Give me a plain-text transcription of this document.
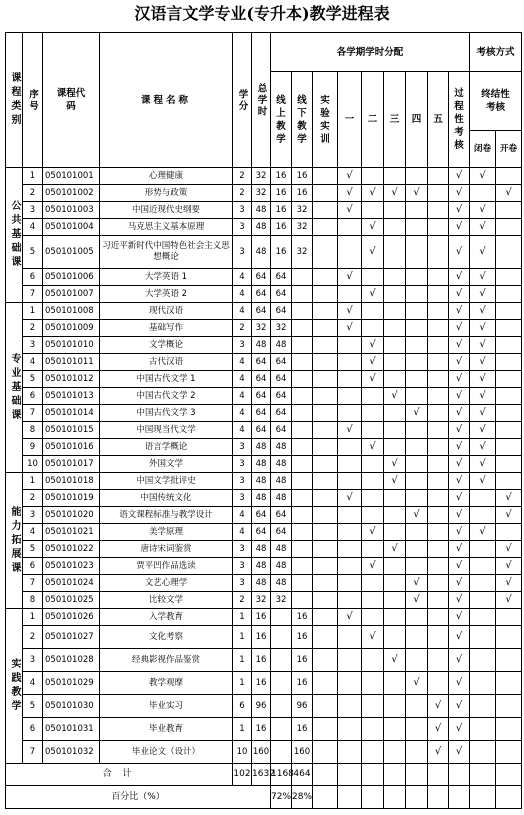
汉语言文学专业(专升本)教学进程表
课程类别	序号	课程代码	课程名称	学分	总学时	各学期学时分配									考核方式	
						线上教学	线下教学	实验实训	一	二	三	四	五	过程性考核	终结性考核	
															闭卷	开卷
公共基础课	1	050101001	心理健康	2	32	16	16		√					√	√	
	2	050101002	形势与政策	2	32	16	16		√	√	√	√		√		√
	3	050101003	中国近现代史纲要	3	48	16	32		√					√	√	
	4	050101004	马克思主义基本原理	3	48	16	32			√				√	√	
	5	050101005	习近平新时代中国特色社会主义思想概论	3	48	16	32			√				√	√	
	6	050101006	大学英语 1	4	64	64			√					√	√	
	7	050101007	大学英语 2	4	64	64				√				√	√	
专业基础课	1	050101008	现代汉语	4	64	64			√					√	√	
	2	050101009	基础写作	2	32	32			√					√	√	
	3	050101010	文学概论	3	48	48				√				√	√	
	4	050101011	古代汉语	4	64	64				√				√	√	
	5	050101012	中国古代文学 1	4	64	64				√				√	√	
	6	050101013	中国古代文学 2	4	64	64					√			√	√	
	7	050101014	中国古代文学 3	4	64	64						√		√	√	
	8	050101015	中国现当代文学	4	64	64			√					√	√	
	9	050101016	语言学概论	3	48	48				√				√	√	
	10	050101017	外国文学	3	48	48					√			√	√	
能力拓展课	1	050101018	中国文学批评史	3	48	48					√			√	√	
	2	050101019	中国传统文化	3	48	48			√					√		√
	3	050101020	语文课程标准与教学设计	4	64	64						√		√		√
	4	050101021	美学原理	4	64	64				√				√	√	
	5	050101022	唐诗宋词鉴赏	3	48	48					√			√		√
	6	050101023	贾平凹作品选读	3	48	48				√				√		√
	7	050101024	文艺心理学	3	48	48						√		√		√
	8	050101025	比较文学	2	32	32						√		√		√
实践教学	1	050101026	入学教育	1	16		16		√					√		
	2	050101027	文化考察	1	16		16			√				√		
	3	050101028	经典影视作品鉴赏	1	16		16				√			√		
	4	050101029	教学观摩	1	16		16					√		√		
	5	050101030	毕业实习	6	96		96						√	√		
	6	050101031	毕业教育	1	16		16						√	√		
	7	050101032	毕业论文（设计）	10	160		160						√	√		
合 计				102	1632	1168	464									
百分比（%）						72%	28%									
